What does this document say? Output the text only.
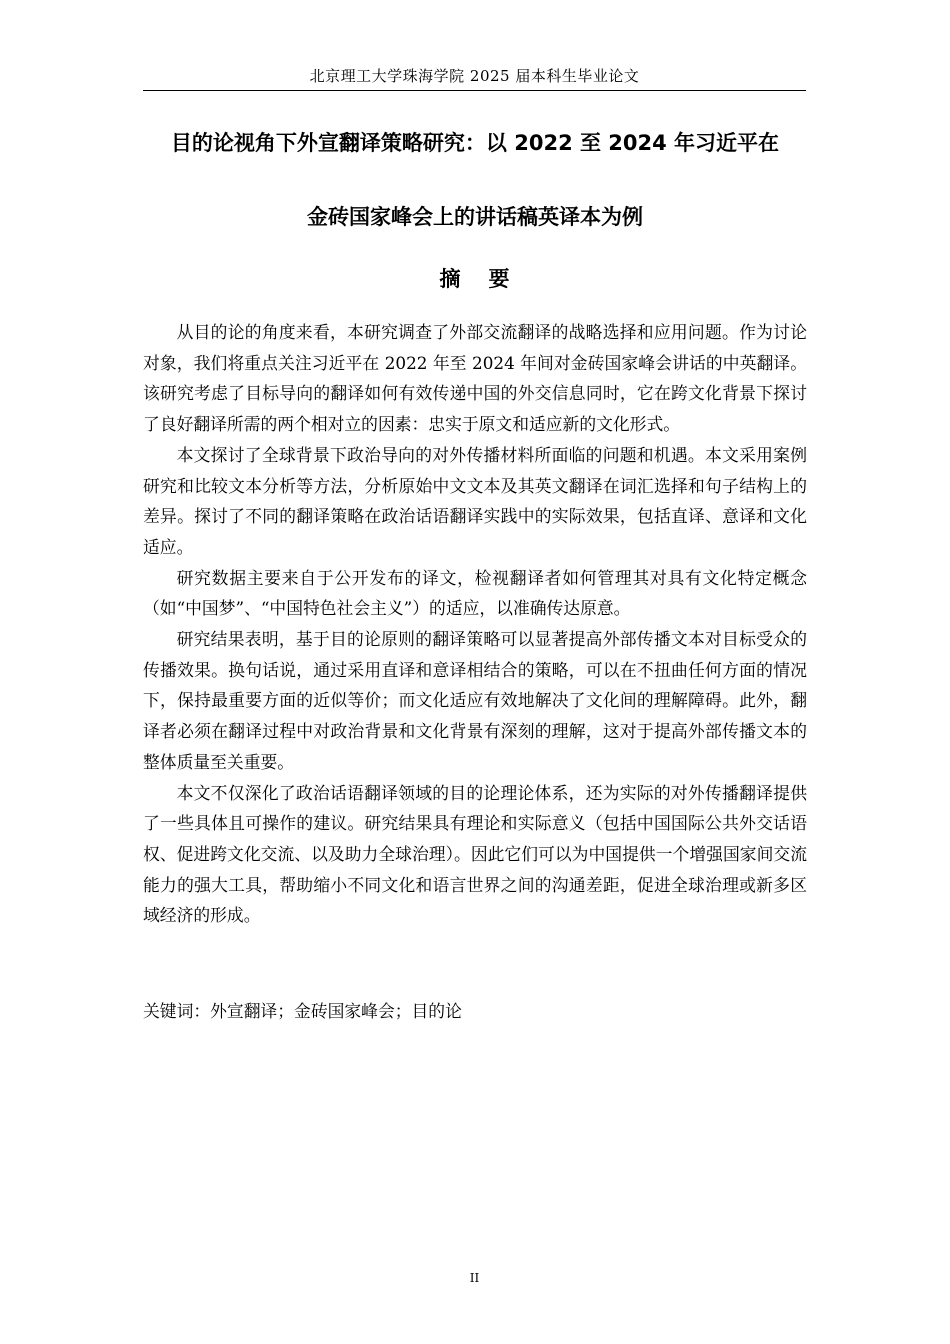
北京理工大学珠海学院 2025 届本科生毕业论文
目的论视角下外宣翻译策略研究：以 2022 至 2024 年习近平在
金砖国家峰会上的讲话稿英译本为例
摘要

从目的论的角度来看，本研究调查了外部交流翻译的战略选择和应用问题。作为讨论对象，我们将重点关注习近平在 2022 年至 2024 年间对金砖国家峰会讲话的中英翻译。该研究考虑了目标导向的翻译如何有效传递中国的外交信息同时，它在跨文化背景下探讨了良好翻译所需的两个相对立的因素：忠实于原文和适应新的文化形式。

本文探讨了全球背景下政治导向的对外传播材料所面临的问题和机遇。本文采用案例研究和比较文本分析等方法，分析原始中文文本及其英文翻译在词汇选择和句子结构上的差异。探讨了不同的翻译策略在政治话语翻译实践中的实际效果，包括直译、意译和文化适应。

研究数据主要来自于公开发布的译文，检视翻译者如何管理其对具有文化特定概念（如“中国梦”、“中国特色社会主义”）的适应，以准确传达原意。

研究结果表明，基于目的论原则的翻译策略可以显著提高外部传播文本对目标受众的传播效果。换句话说，通过采用直译和意译相结合的策略，可以在不扭曲任何方面的情况下，保持最重要方面的近似等价；而文化适应有效地解决了文化间的理解障碍。此外，翻译者必须在翻译过程中对政治背景和文化背景有深刻的理解，这对于提高外部传播文本的整体质量至关重要。

本文不仅深化了政治话语翻译领域的目的论理论体系，还为实际的对外传播翻译提供了一些具体且可操作的建议。研究结果具有理论和实际意义（包括中国国际公共外交话语权、促进跨文化交流、以及助力全球治理）。因此它们可以为中国提供一个增强国家间交流能力的强大工具，帮助缩小不同文化和语言世界之间的沟通差距，促进全球治理或新多区域经济的形成。

关键词：外宣翻译；金砖国家峰会；目的论
II
